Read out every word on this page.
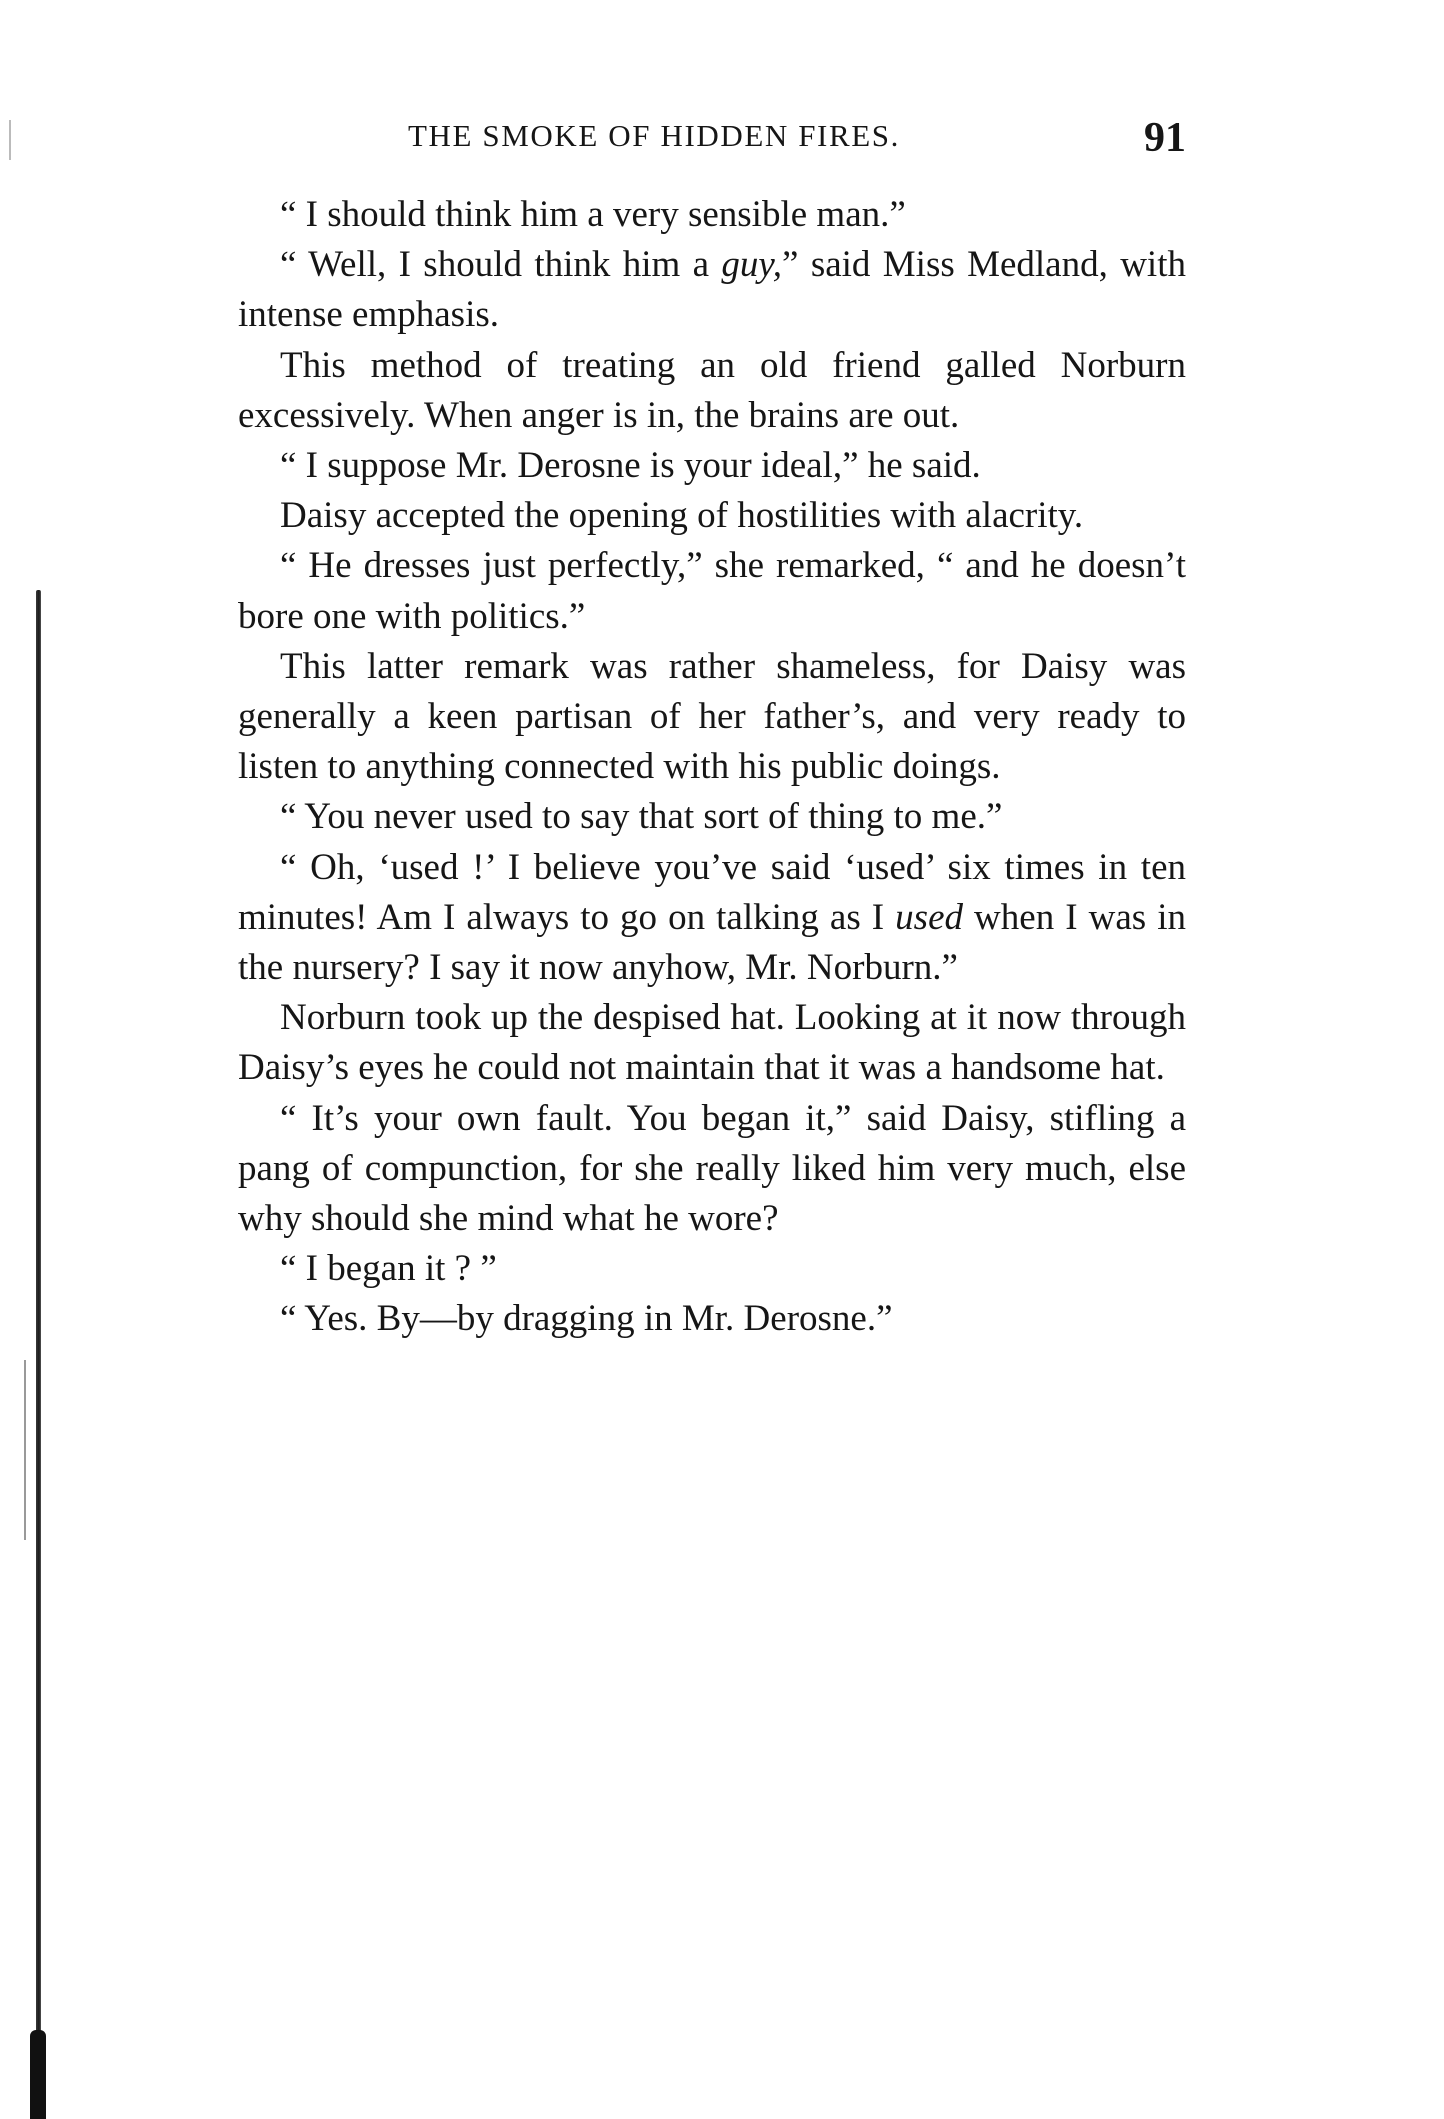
THE SMOKE OF HIDDEN FIRES.	91

“ I should think him a very sensible man.”

“ Well, I should think him a guy,” said Miss Medland, with intense emphasis.

This method of treating an old friend galled Norburn excessively. When anger is in, the brains are out.

“ I suppose Mr. Derosne is your ideal,” he said.

Daisy accepted the opening of hostilities with alacrity.

“ He dresses just perfectly,” she remarked, “ and he doesn’t bore one with politics.”

This latter remark was rather shameless, for Daisy was generally a keen partisan of her father’s, and very ready to listen to anything connected with his public doings.

“ You never used to say that sort of thing to me.”

“ Oh, ‘used !’ I believe you’ve said ‘used’ six times in ten minutes! Am I always to go on talking as I used when I was in the nursery? I say it now anyhow, Mr. Norburn.”

Norburn took up the despised hat. Looking at it now through Daisy’s eyes he could not maintain that it was a handsome hat.

“ It’s your own fault. You began it,” said Daisy, stifling a pang of compunction, for she really liked him very much, else why should she mind what he wore?

“ I began it ? ”

“ Yes. By—by dragging in Mr. Derosne.”
